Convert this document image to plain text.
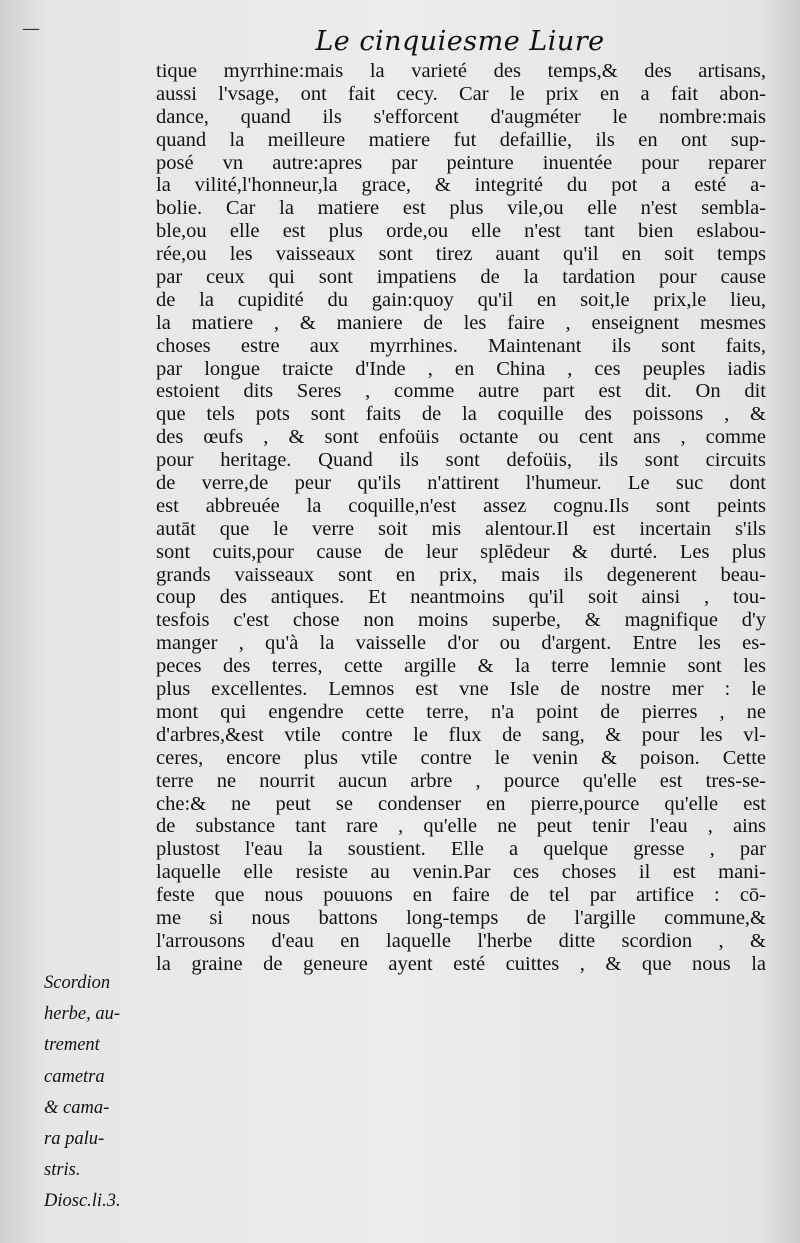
—	Le cinquiesme Liure
tique myrrhine:mais la varieté des temps,& des artisans,
aussi l'vsage, ont fait cecy. Car le prix en a fait abon-
dance, quand ils s'efforcent d'augméter le nombre:mais
quand la meilleure matiere fut defaillie, ils en ont sup-
posé vn autre:apres par peinture inuentée pour reparer
la vilité,l'honneur,la grace, & integrité du pot a esté a-
bolie. Car la matiere est plus vile,ou elle n'est sembla-
ble,ou elle est plus orde,ou elle n'est tant bien eslabou-
rée,ou les vaisseaux sont tirez auant qu'il en soit temps
par ceux qui sont impatiens de la tardation pour cause
de la cupidité du gain:quoy qu'il en soit,le prix,le lieu,
la matiere , & maniere de les faire , enseignent mesmes
choses estre aux myrrhines. Maintenant ils sont faits,
par longue traicte d'Inde , en China , ces peuples iadis
estoient dits Seres , comme autre part est dit. On dit
que tels pots sont faits de la coquille des poissons , &
des œufs , & sont enfoüis octante ou cent ans , comme
pour heritage. Quand ils sont defoüis, ils sont circuits
de verre,de peur qu'ils n'attirent l'humeur. Le suc dont
est abbreuée la coquille,n'est assez cognu.Ils sont peints
autāt que le verre soit mis alentour.Il est incertain s'ils
sont cuits,pour cause de leur splēdeur & durté. Les plus
grands vaisseaux sont en prix, mais ils degenerent beau-
coup des antiques. Et neantmoins qu'il soit ainsi , tou-
tesfois c'est chose non moins superbe, & magnifique d'y
manger , qu'à la vaisselle d'or ou d'argent. Entre les es-
peces des terres, cette argille & la terre lemnie sont les
plus excellentes. Lemnos est vne Isle de nostre mer : le
mont qui engendre cette terre, n'a point de pierres , ne
d'arbres,&est vtile contre le flux de sang, & pour les vl-
ceres, encore plus vtile contre le venin & poison. Cette
terre ne nourrit aucun arbre , pource qu'elle est tres-se-
che:& ne peut se condenser en pierre,pource qu'elle est
de substance tant rare , qu'elle ne peut tenir l'eau , ains
plustost l'eau la soustient. Elle a quelque gresse , par
laquelle elle resiste au venin.Par ces choses il est mani-
feste que nous pouuons en faire de tel par artifice : cō-
me si nous battons long-temps de l'argille commune,&
l'arrousons d'eau en laquelle l'herbe ditte scordion , &
la graine de geneure ayent esté cuittes , & que nous la
Scordion
herbe, au-
trement
cametra
& cama-
ra palu-
stris.
Diosc.li.3.
